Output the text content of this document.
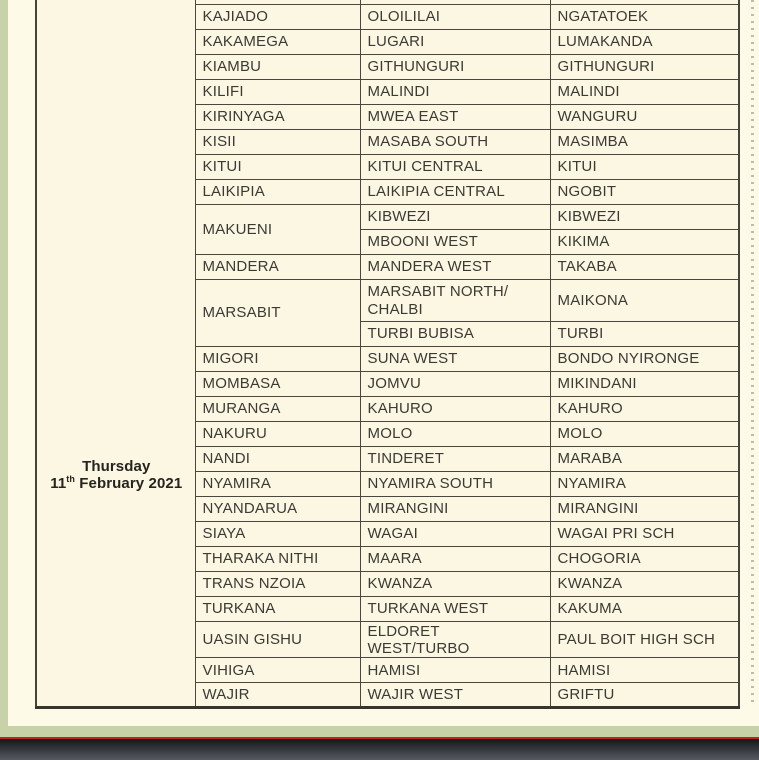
Thursday
11th February 2021			

	KAJIADO	OLOILILAI	NGATATOEK
	KAKAMEGA	LUGARI	LUMAKANDA
	KIAMBU	GITHUNGURI	GITHUNGURI
	KILIFI	MALINDI	MALINDI
	KIRINYAGA	MWEA EAST	WANGURU
	KISII	MASABA SOUTH	MASIMBA
	KITUI	KITUI CENTRAL	KITUI
	LAIKIPIA	LAIKIPIA CENTRAL	NGOBIT
	MAKUENI	KIBWEZI	KIBWEZI
		MBOONI WEST	KIKIMA
	MANDERA	MANDERA WEST	TAKABA
	MARSABIT	MARSABIT NORTH/
CHALBI	MAIKONA
		TURBI BUBISA	TURBI
	MIGORI	SUNA WEST	BONDO NYIRONGE
	MOMBASA	JOMVU	MIKINDANI
	MURANGA	KAHURO	KAHURO
	NAKURU	MOLO	MOLO
	NANDI	TINDERET	MARABA
	NYAMIRA	NYAMIRA SOUTH	NYAMIRA
	NYANDARUA	MIRANGINI	MIRANGINI
	SIAYA	WAGAI	WAGAI PRI SCH
	THARAKA NITHI	MAARA	CHOGORIA
	TRANS NZOIA	KWANZA	KWANZA
	TURKANA	TURKANA WEST	KAKUMA
	UASIN GISHU	ELDORET WEST/TURBO	PAUL BOIT HIGH SCH
	VIHIGA	HAMISI	HAMISI
	WAJIR	WAJIR WEST	GRIFTU
